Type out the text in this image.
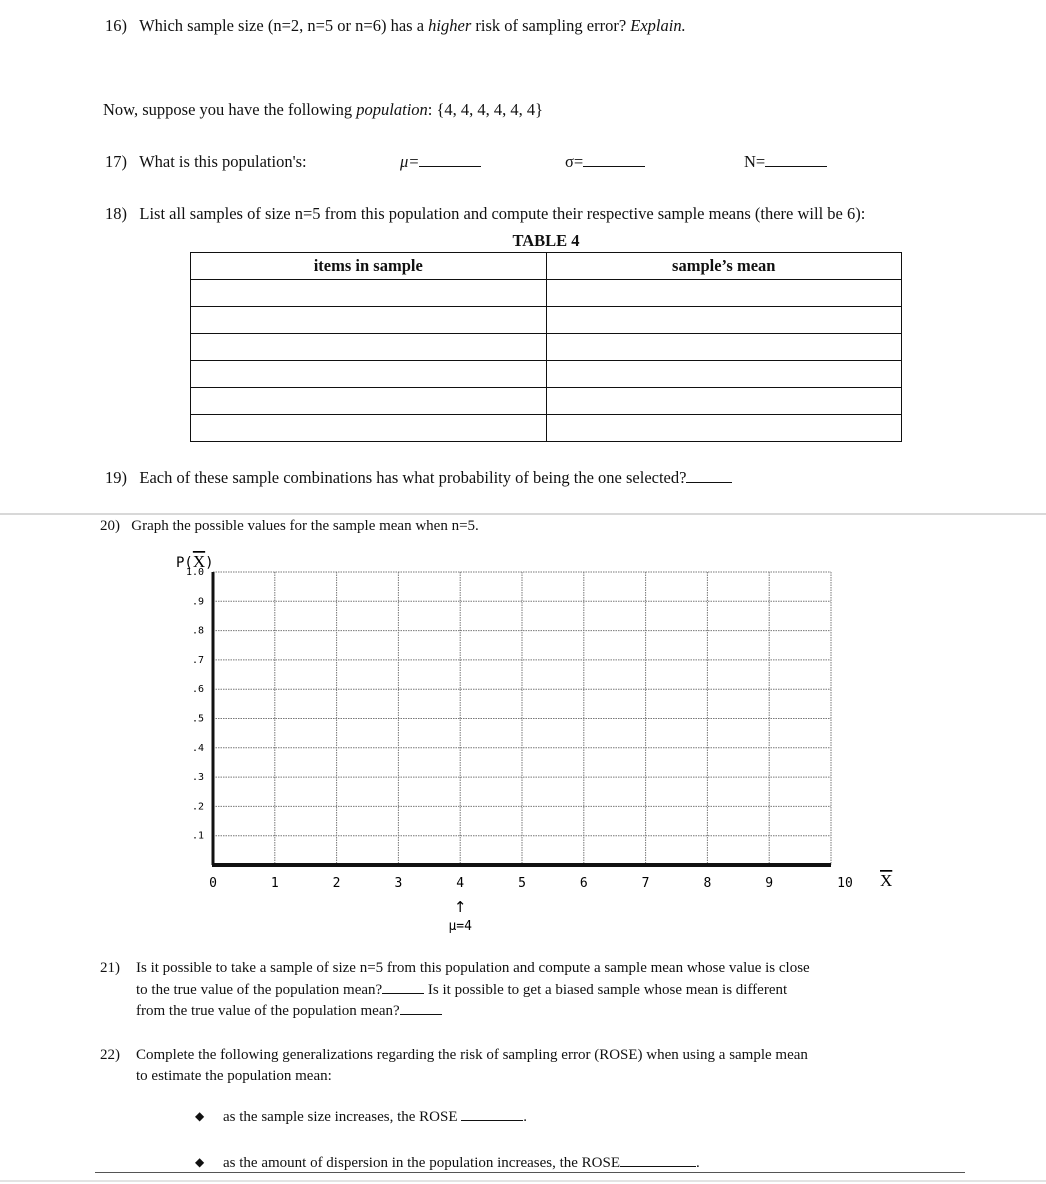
16) Which sample size (n=2, n=5 or n=6) has a higher risk of sampling error? Explain.
Now, suppose you have the following population: {4, 4, 4, 4, 4, 4}
17) What is this population's:	μ=	σ=	N=
18) List all samples of size n=5 from this population and compute their respective sample means (there will be 6):
TABLE 4
items in sample	sample’s mean

19) Each of these sample combinations has what probability of being the one selected?
20) Graph the possible values for the sample mean when n=5.
1.0
.9
.8
.7
.6
.5
.4
.3
.2
.1
0	1	2	3	4	5	6	7	8	9	10
P(X)
X
↑
μ=4
21) Is it possible to take a sample of size n=5 from this population and compute a sample mean whose value is close
to the true value of the population mean?	Is it possible to get a biased sample whose mean is different
from the true value of the population mean?
22) Complete the following generalizations regarding the risk of sampling error (ROSE) when using a sample mean
to estimate the population mean:
◆ as the sample size increases, the ROSE	.
◆ as the amount of dispersion in the population increases, the ROSE	.
